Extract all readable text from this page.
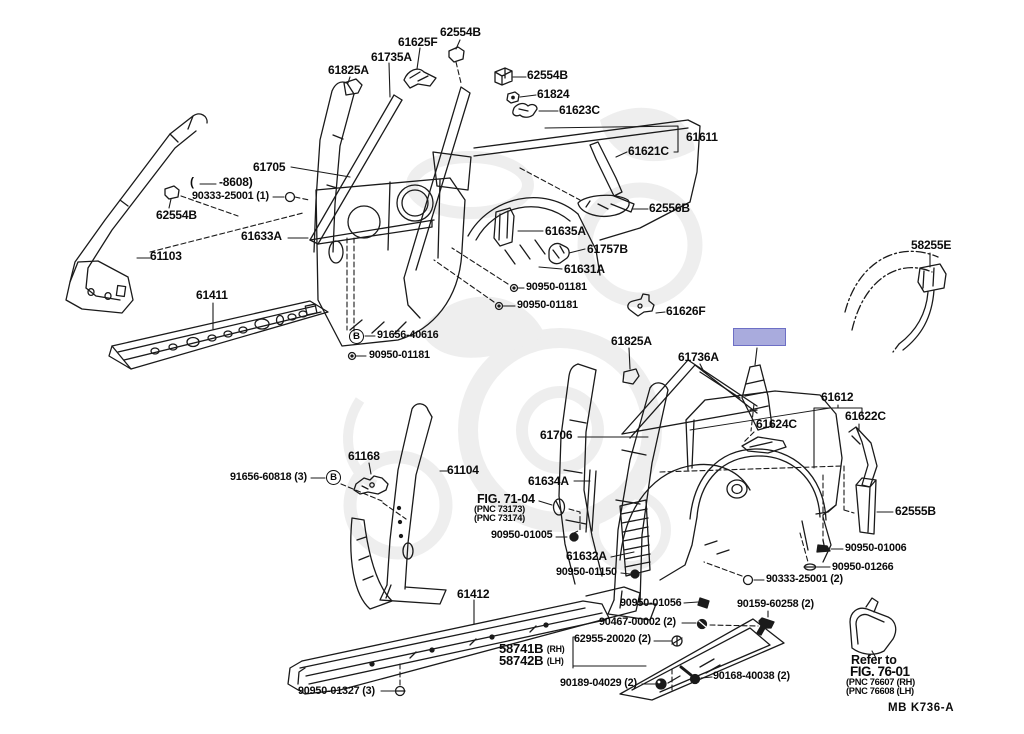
62554B
61625F
61735A
61825A	62554B
61824
61623C
61611
61621C
61705
( -8608)
90333-25001 (1)
62554B
61633A
61103
62556B
61635A
61757B
61631A
90950-01181
90950-01181
B	91656-40616
90950-01181
61411
58255E
61626F
61825A
61736A
61612
61622C
61624C
61706
61104
61634A
FIG. 71-04
(PNC 73173)
(PNC 73174)
90950-01005
61632A
90950-01150
90333-25001 (2)
90950-01056	90159-60258 (2)
90467-00002 (2)
62955-20020 (2)
58741B (RH)
58742B (LH)
61412
90950-01327 (3)
90189-04029 (2)
90168-40038 (2)
90950-01006
90950-01266
62555B
91656-60818 (3)	B
61168
Refer to
FIG. 76-01
(PNC 76607 (RH)
(PNC 76608 (LH)
MB K736-A
